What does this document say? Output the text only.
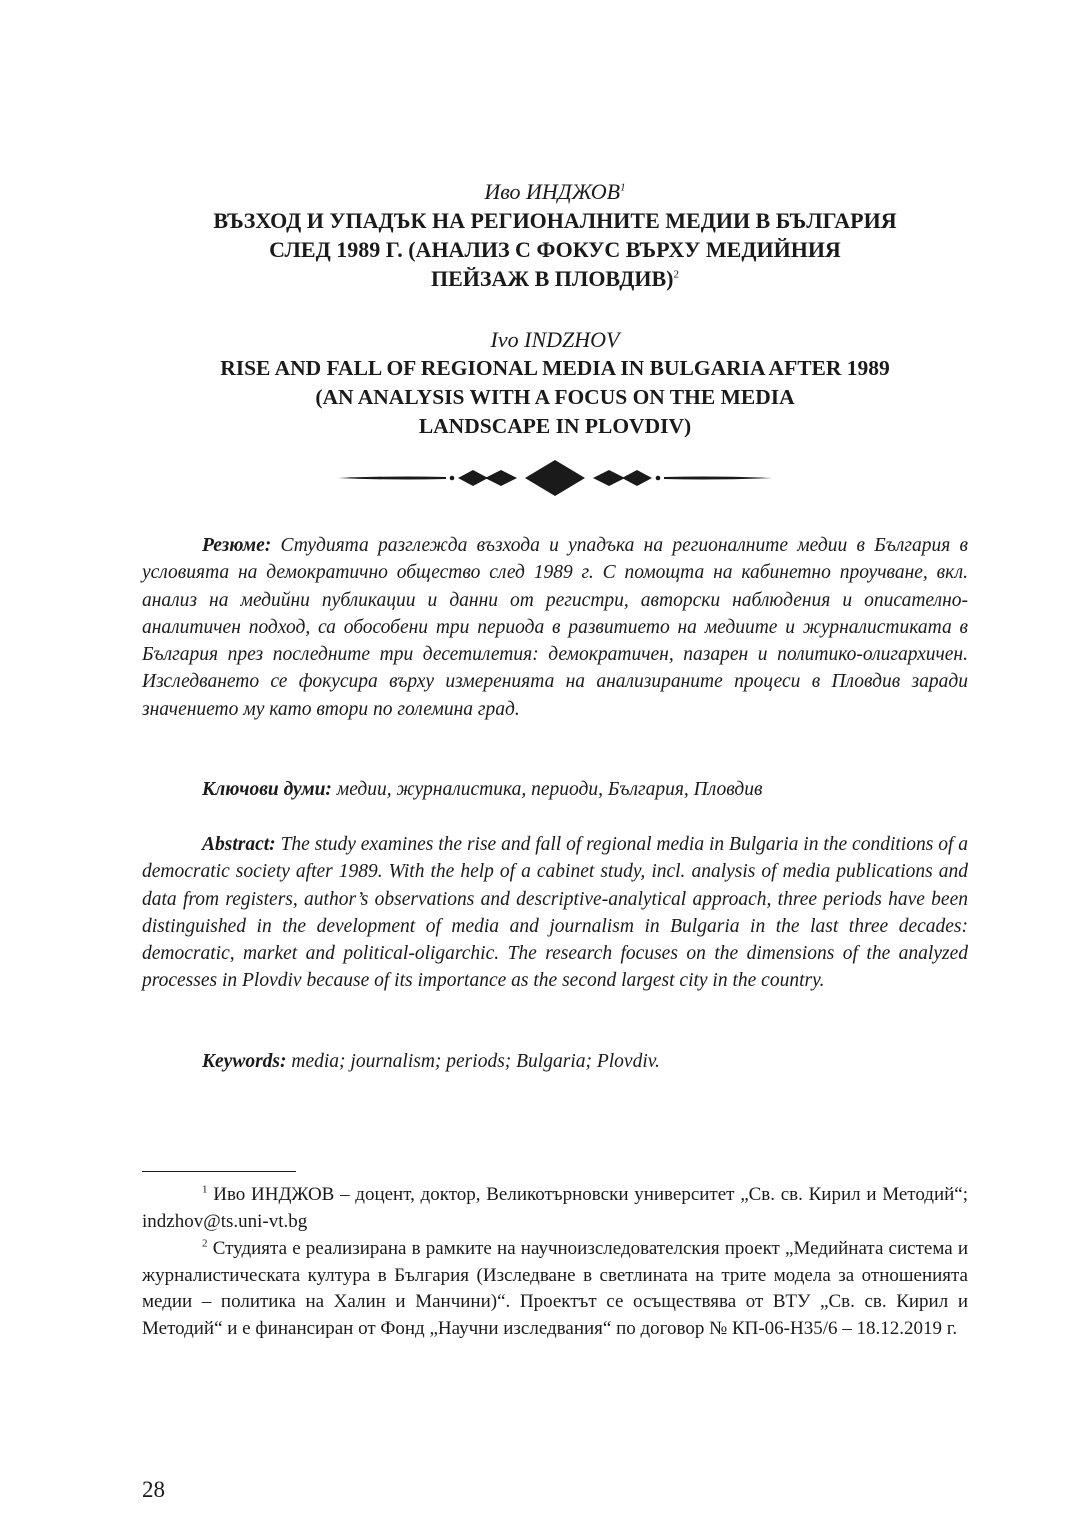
Иво ИНДЖОВ$^1$
ВЪЗХОД И УПАДЪК НА РЕГИОНАЛНИТЕ МЕДИИ В БЪЛГАРИЯ
СЛЕД 1989 Г. (АНАЛИЗ С ФОКУС ВЪРХУ МЕДИЙНИЯ
ПЕЙЗАЖ В ПЛОВДИВ)$^2$
Ivo INDZHOV
RISE AND FALL OF REGIONAL MEDIA IN BULGARIA AFTER 1989
(AN ANALYSIS WITH A FOCUS ON THE MEDIA
LANDSCAPE IN PLOVDIV)

Резюме: Студията разглежда възхода и упадъка на регионалните медии в България в условията на демократично общество след 1989 г. С помощта на кабинетно проучване, вкл. анализ на медийни публикации и данни от регистри, авторски наблюдения и описателно-аналитичен подход, са обособени три периода в развитието на медиите и журналистиката в България през последните три десетилетия: демократичен, пазарен и политико-олигархичен. Изследването се фокусира върху измеренията на анализираните процеси в Пловдив заради значението му като втори по големина град.

Ключови думи: медии, журналистика, периоди, България, Пловдив

Abstract: The study examines the rise and fall of regional media in Bulgaria in the conditions of a democratic society after 1989. With the help of a cabinet study, incl. analysis of media publications and data from registers, author’s observations and descriptive-analytical approach, three periods have been distinguished in the development of media and journalism in Bulgaria in the last three decades: democratic, market and political-oligarchic. The research focuses on the dimensions of the analyzed processes in Plovdiv because of its importance as the second largest city in the country.

Keywords: media; journalism; periods; Bulgaria; Plovdiv.

$^1$ Иво ИНДЖОВ – доцент, доктор, Великотърновски университет „Св. св. Кирил и Методий“; indzhov@ts.uni-vt.bg

$^2$ Студията е реализирана в рамките на научноизследователския проект „Медийната система и журналистическата култура в България (Изследване в светлината на трите модела за отношенията медии – политика на Халин и Манчини)“. Проектът се осъществява от ВТУ „Св. св. Кирил и Методий“ и е финансиран от Фонд „Научни изследвания“ по договор № КП-06-Н35/6 – 18.12.2019 г.

28
